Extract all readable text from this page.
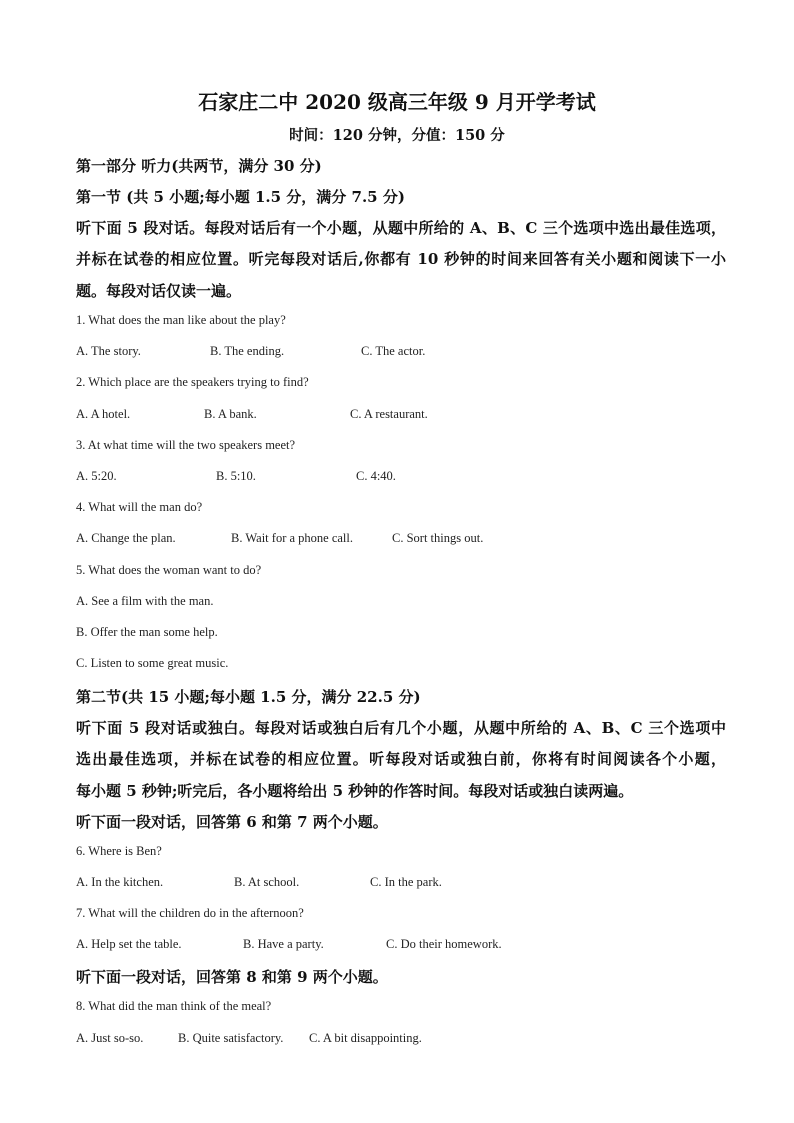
石家庄二中 2020 级高三年级 9 月开学考试
时间：120 分钟，分值：150 分
第一部分 听力(共两节，满分 30 分)
第一节 (共 5 小题;每小题 1.5 分，满分 7.5 分)
听下面 5 段对话。每段对话后有一个小题，从题中所给的 A、B、C 三个选项中选出最佳选项，
并标在试卷的相应位置。听完每段对话后,你都有 10 秒钟的时间来回答有关小题和阅读下一小
题。每段对话仅读一遍。
1. What does the man like about the play?
A. The story.	B. The ending.	C. The actor.
2. Which place are the speakers trying to find?
A. A hotel.	B. A bank.	C. A restaurant.
3. At what time will the two speakers meet?
A. 5:20.	B. 5:10.	C. 4:40.
4. What will the man do?
A. Change the plan.	B. Wait for a phone call.	C. Sort things out.
5. What does the woman want to do?
A. See a film with the man.
B. Offer the man some help.
C. Listen to some great music.
第二节(共 15 小题;每小题 1.5 分，满分 22.5 分)
听下面 5 段对话或独白。每段对话或独白后有几个小题，从题中所给的 A、B、C 三个选项中
选出最佳选项，并标在试卷的相应位置。听每段对话或独白前，你将有时间阅读各个小题，
每小题 5 秒钟;听完后，各小题将给出 5 秒钟的作答时间。每段对话或独白读两遍。
听下面一段对话，回答第 6 和第 7 两个小题。
6. Where is Ben?
A. In the kitchen.	B. At school.	C. In the park.
7. What will the children do in the afternoon?
A. Help set the table.	B. Have a party.	C. Do their homework.
听下面一段对话，回答第 8 和第 9 两个小题。
8. What did the man think of the meal?
A. Just so-so.	B. Quite satisfactory. C. A bit disappointing.
